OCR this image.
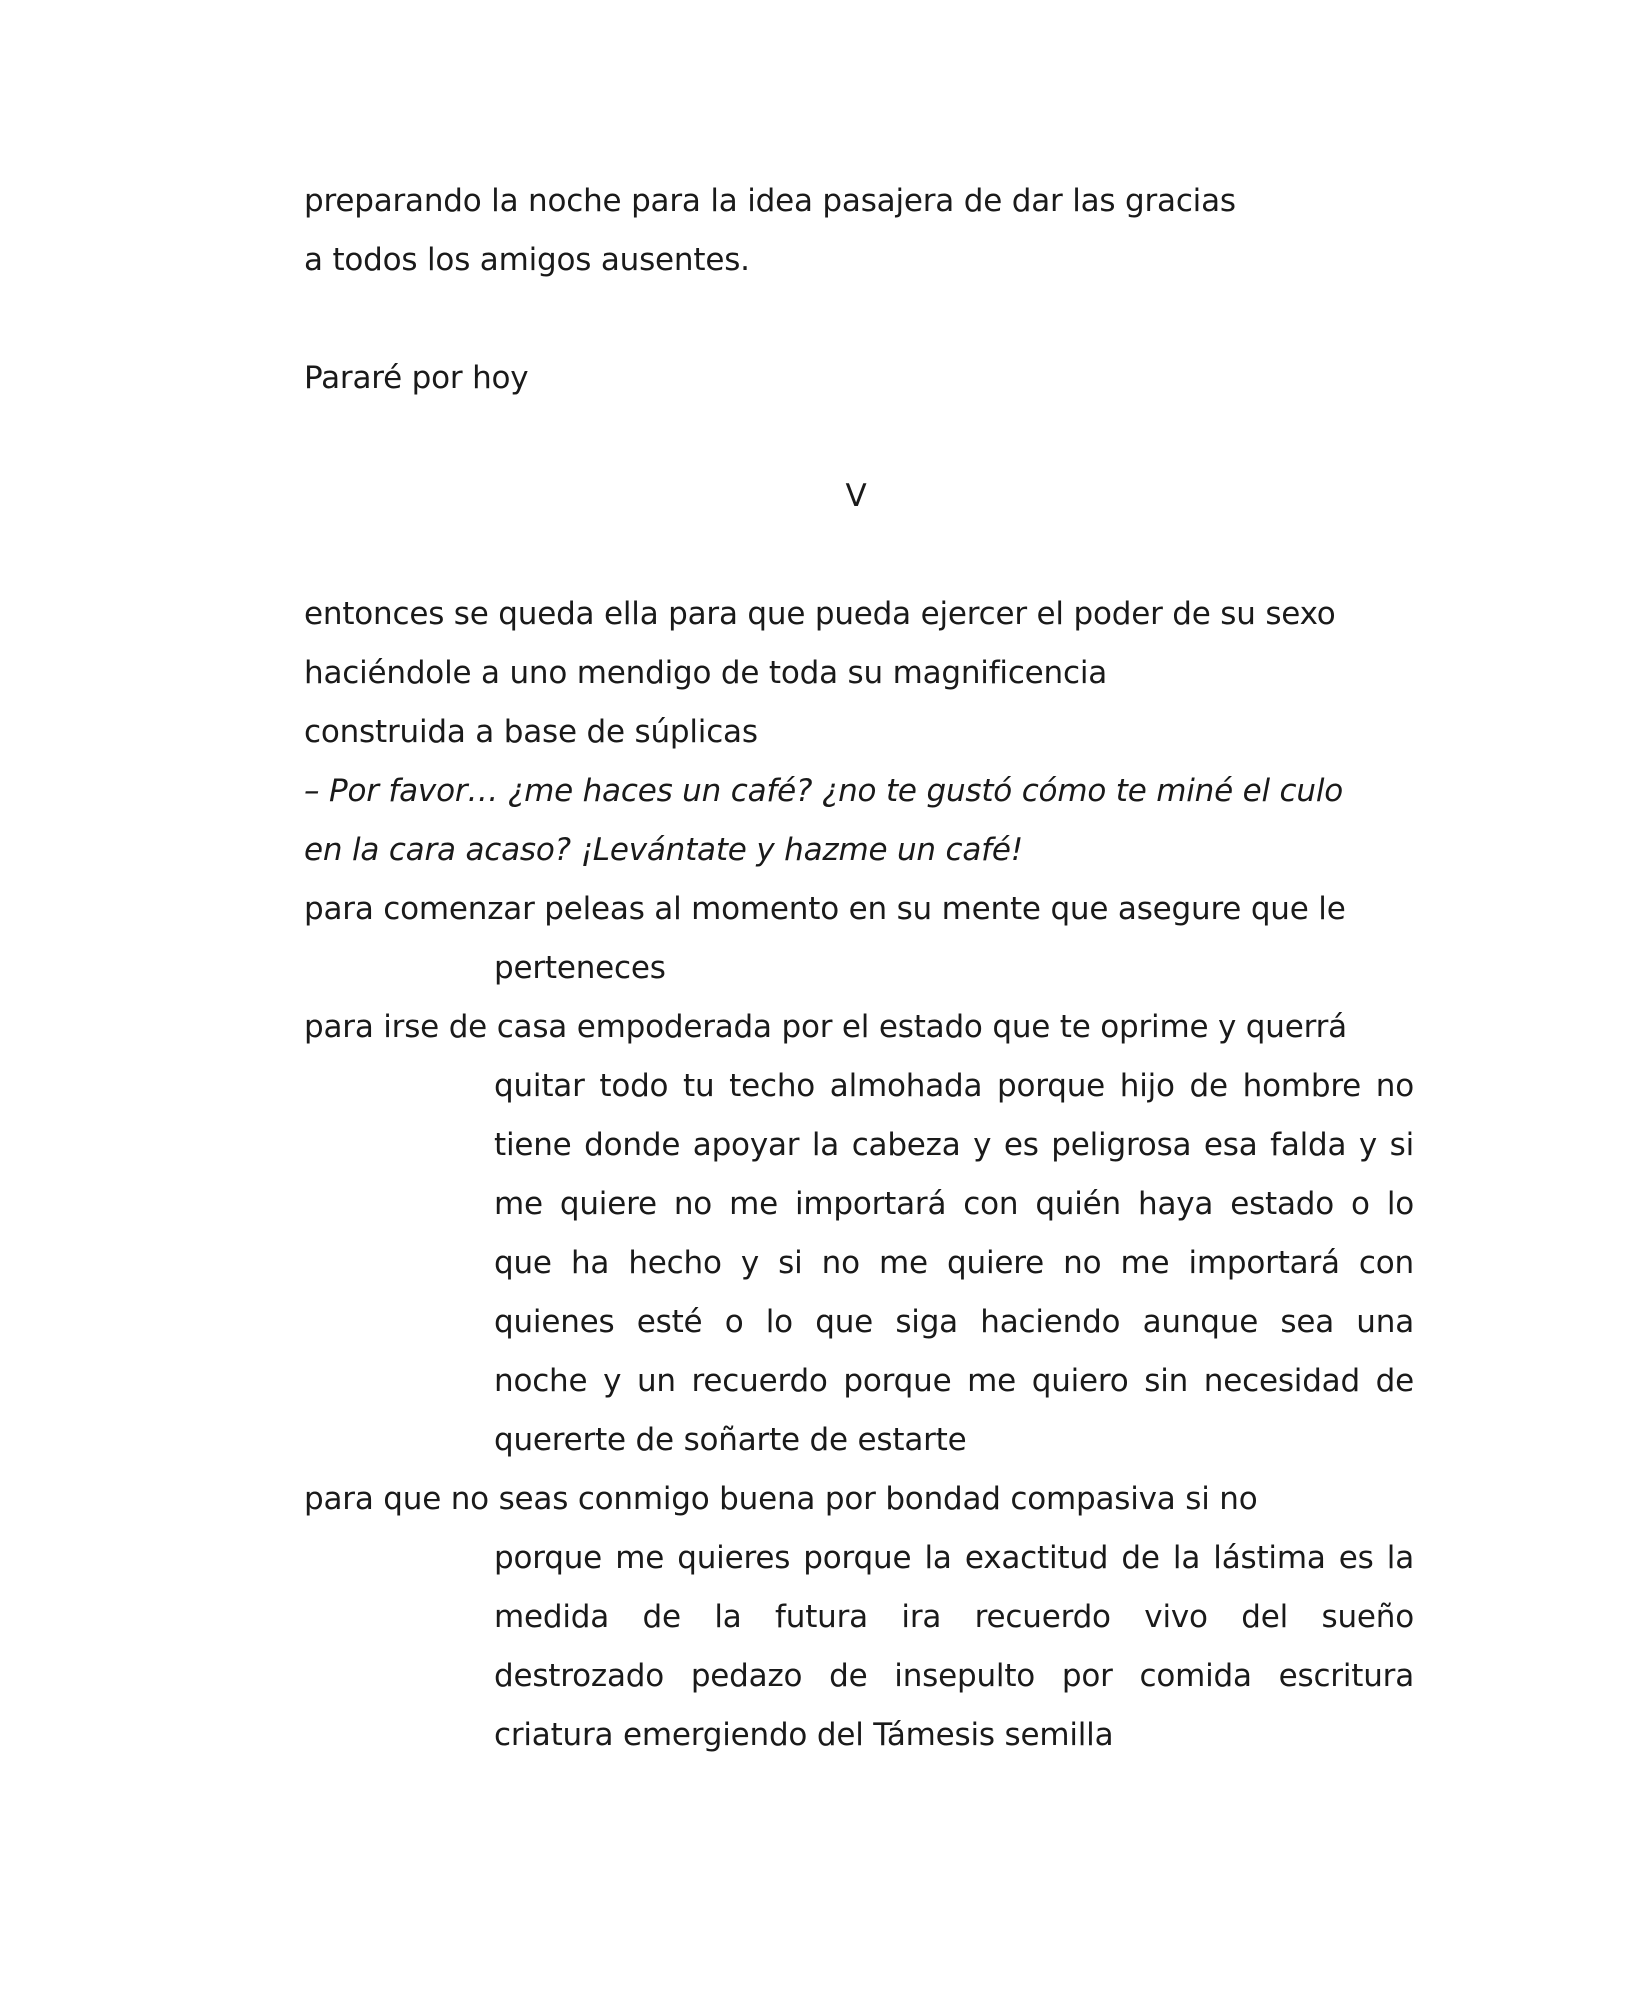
preparando la noche para la idea pasajera de dar las gracias
a todos los amigos ausentes.
Pararé por hoy
V
entonces se queda ella para que pueda ejercer el poder de su sexo
haciéndole a uno mendigo de toda su magnificencia
construida a base de súplicas
– Por favor… ¿me haces un café? ¿no te gustó cómo te miné el culo
en la cara acaso? ¡Levántate y hazme un café!
para comenzar peleas al momento en su mente que asegure que le
perteneces
para irse de casa empoderada por el estado que te oprime y querrá
quitar todo tu techo almohada porque hijo de hombre no
tiene donde apoyar la cabeza y es peligrosa esa falda y si
me quiere no me importará con quién haya estado o lo
que ha hecho y si no me quiere no me importará con
quienes esté o lo que siga haciendo aunque sea una
noche y un recuerdo porque me quiero sin necesidad de
quererte de soñarte de estarte
para que no seas conmigo buena por bondad compasiva si no
porque me quieres porque la exactitud de la lástima es la
medida de la futura ira recuerdo vivo del sueño
destrozado pedazo de insepulto por comida escritura
criatura emergiendo del Támesis semilla
